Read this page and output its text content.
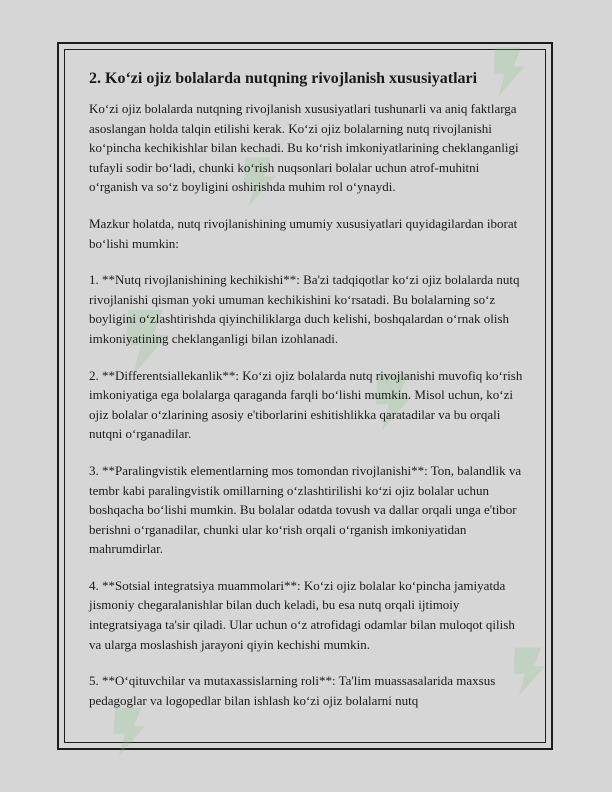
2. Ko‘zi ojiz bolalarda nutqning rivojlanish xususiyatlari

Ko‘zi ojiz bolalarda nutqning rivojlanish xususiyatlari tushunarli va aniq faktlarga asoslangan holda talqin etilishi kerak. Ko‘zi ojiz bolalarning nutq rivojlanishi ko‘pincha kechikishlar bilan kechadi. Bu ko‘rish imkoniyatlarining cheklanganligi tufayli sodir bo‘ladi, chunki ko‘rish nuqsonlari bolalar uchun atrof-muhitni o‘rganish va so‘z boyligini oshirishda muhim rol o‘ynaydi.

Mazkur holatda, nutq rivojlanishining umumiy xususiyatlari quyidagilardan iborat bo‘lishi mumkin:

1. **Nutq rivojlanishining kechikishi**: Ba'zi tadqiqotlar ko‘zi ojiz bolalarda nutq rivojlanishi qisman yoki umuman kechikishini ko‘rsatadi. Bu bolalarning so‘z boyligini o‘zlashtirishda qiyinchiliklarga duch kelishi, boshqalardan o‘rnak olish imkoniyatining cheklanganligi bilan izohlanadi.

2. **Differentsiallekanlik**: Ko‘zi ojiz bolalarda nutq rivojlanishi muvofiq ko‘rish imkoniyatiga ega bolalarga qaraganda farqli bo‘lishi mumkin. Misol uchun, ko‘zi ojiz bolalar o‘zlarining asosiy e'tiborlarini eshitishlikka qaratadilar va bu orqali nutqni o‘rganadilar.

3. **Paralingvistik elementlarning mos tomondan rivojlanishi**: Ton, balandlik va tembr kabi paralingvistik omillarning o‘zlashtirilishi ko‘zi ojiz bolalar uchun boshqacha bo‘lishi mumkin. Bu bolalar odatda tovush va dallar orqali unga e'tibor berishni o‘rganadilar, chunki ular ko‘rish orqali o‘rganish imkoniyatidan mahrumdirlar.

4. **Sotsial integratsiya muammolari**: Ko‘zi ojiz bolalar ko‘pincha jamiyatda jismoniy chegaralanishlar bilan duch keladi, bu esa nutq orqali ijtimoiy integratsiyaga ta'sir qiladi. Ular uchun o‘z atrofidagi odamlar bilan muloqot qilish va ularga moslashish jarayoni qiyin kechishi mumkin.

5. **O‘qituvchilar va mutaxassislarning roli**: Ta'lim muassasalarida maxsus pedagoglar va logopedlar bilan ishlash ko‘zi ojiz bolalarni nutq
